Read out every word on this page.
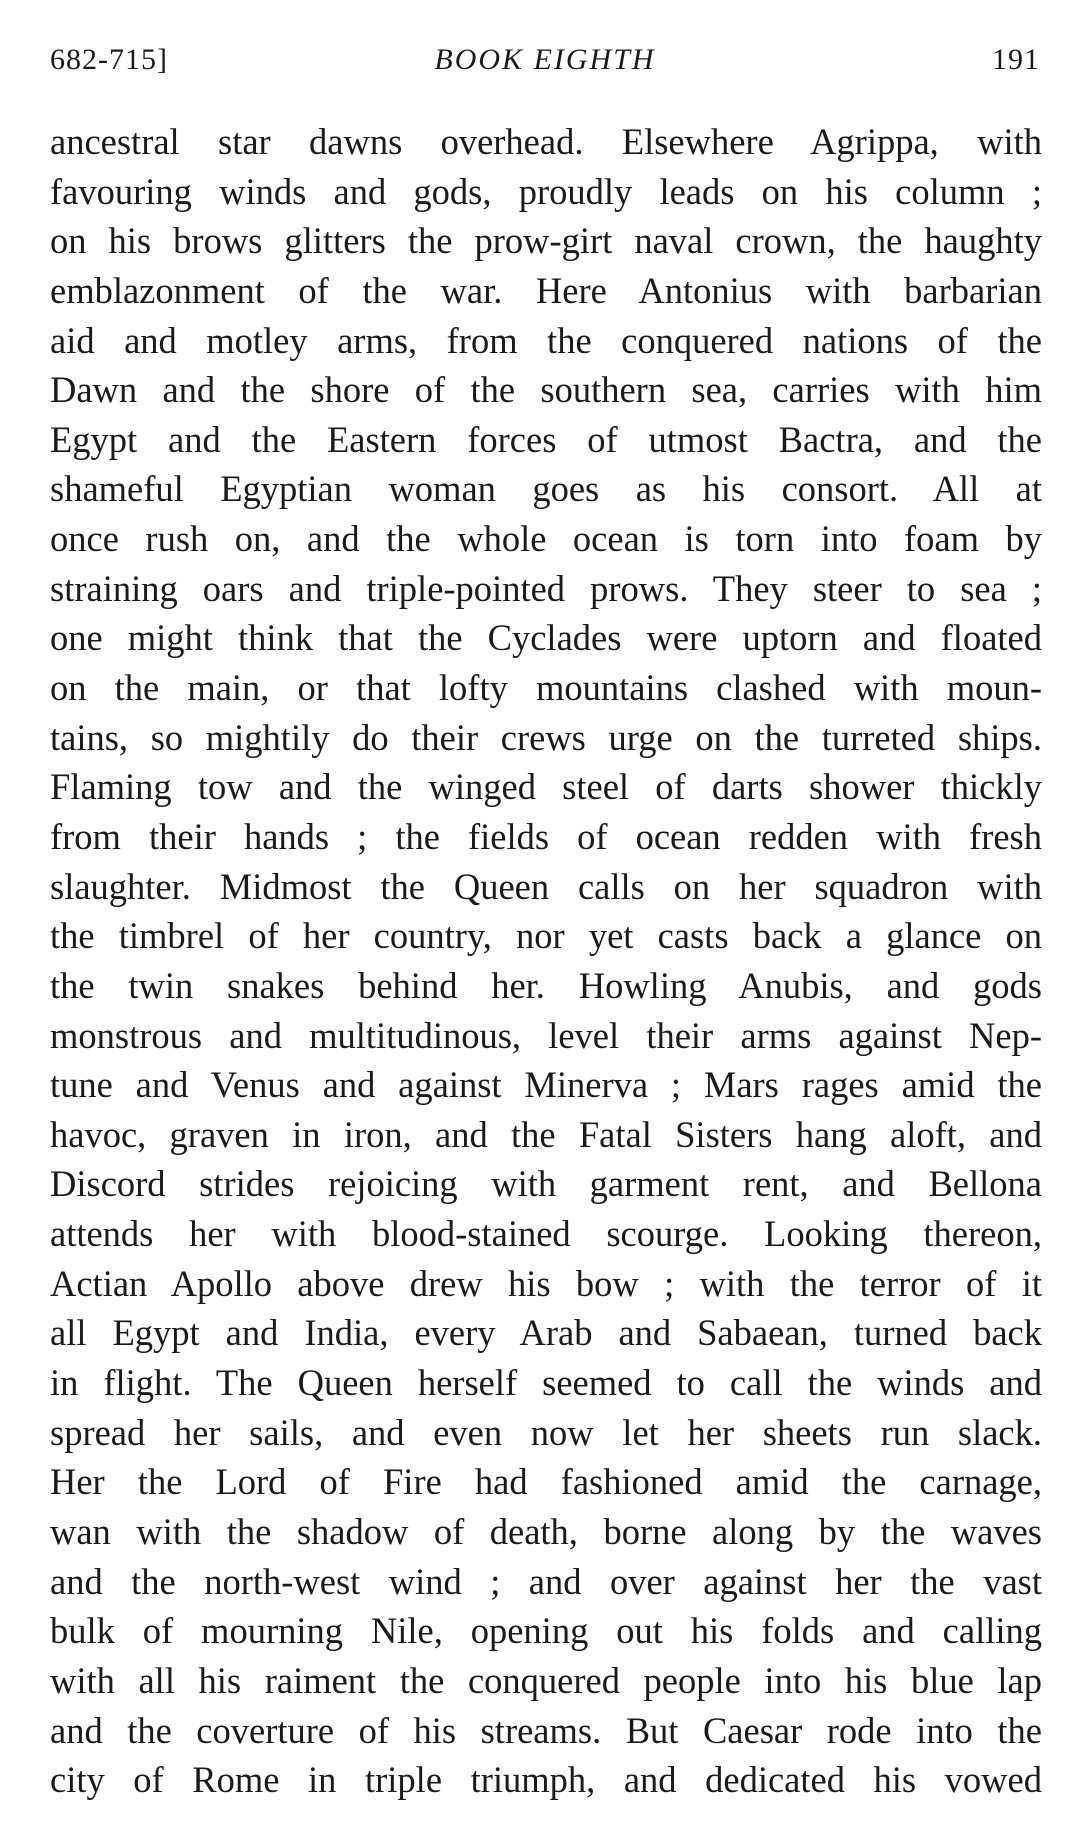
682-715]	BOOK EIGHTH	191
ancestral star dawns overhead. Elsewhere Agrippa, with
favouring winds and gods, proudly leads on his column ;
on his brows glitters the prow-girt naval crown, the haughty
emblazonment of the war. Here Antonius with barbarian
aid and motley arms, from the conquered nations of the
Dawn and the shore of the southern sea, carries with him
Egypt and the Eastern forces of utmost Bactra, and the
shameful Egyptian woman goes as his consort. All at
once rush on, and the whole ocean is torn into foam by
straining oars and triple-pointed prows. They steer to sea ;
one might think that the Cyclades were uptorn and floated
on the main, or that lofty mountains clashed with moun-
tains, so mightily do their crews urge on the turreted ships.
Flaming tow and the winged steel of darts shower thickly
from their hands ; the fields of ocean redden with fresh
slaughter. Midmost the Queen calls on her squadron with
the timbrel of her country, nor yet casts back a glance on
the twin snakes behind her. Howling Anubis, and gods
monstrous and multitudinous, level their arms against Nep-
tune and Venus and against Minerva ; Mars rages amid the
havoc, graven in iron, and the Fatal Sisters hang aloft, and
Discord strides rejoicing with garment rent, and Bellona
attends her with blood-stained scourge. Looking thereon,
Actian Apollo above drew his bow ; with the terror of it
all Egypt and India, every Arab and Sabaean, turned back
in flight. The Queen herself seemed to call the winds and
spread her sails, and even now let her sheets run slack.
Her the Lord of Fire had fashioned amid the carnage,
wan with the shadow of death, borne along by the waves
and the north-west wind ; and over against her the vast
bulk of mourning Nile, opening out his folds and calling
with all his raiment the conquered people into his blue lap
and the coverture of his streams. But Caesar rode into the
city of Rome in triple triumph, and dedicated his vowed
